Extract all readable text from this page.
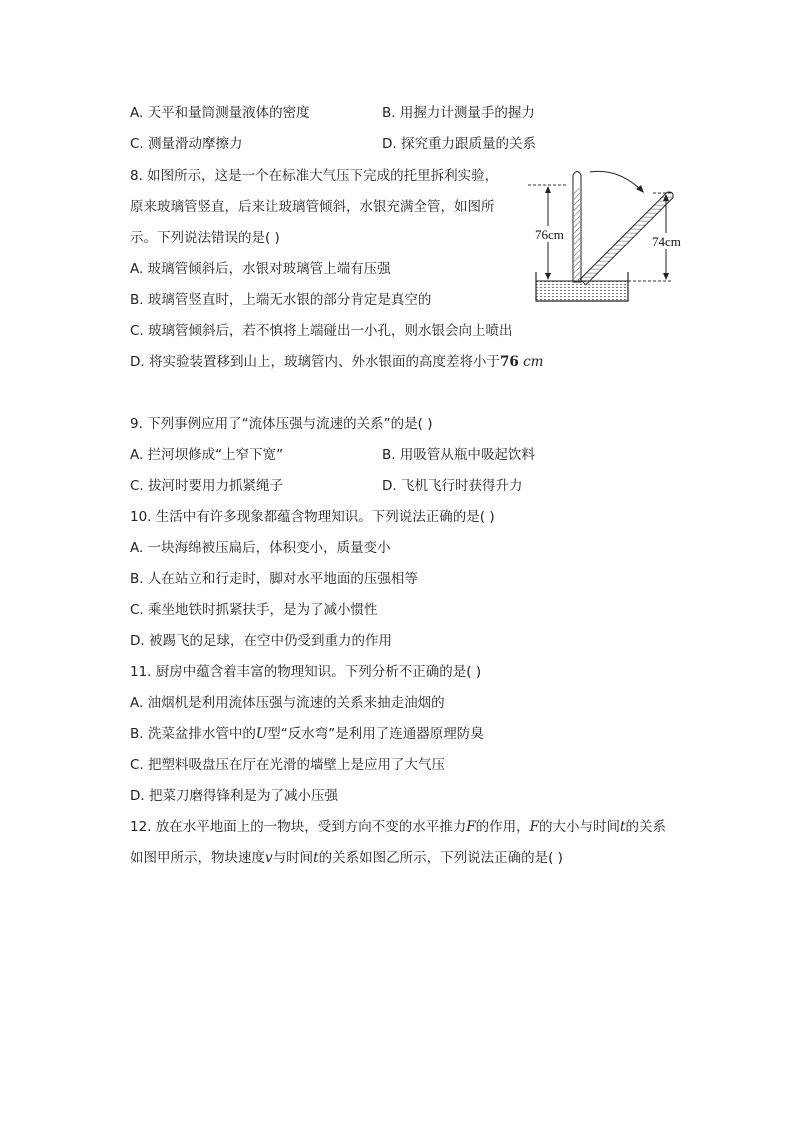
A. 天平和量筒测量液体的密度	B. 用握力计测量手的握力
C. 测量滑动摩擦力	D. 探究重力跟质量的关系
8. 如图所示，这是一个在标准大气压下完成的托里拆利实验，
原来玻璃管竖直，后来让玻璃管倾斜，水银充满全管，如图所
示。下列说法错误的是( )
A. 玻璃管倾斜后，水银对玻璃管上端有压强
B. 玻璃管竖直时，上端无水银的部分肯定是真空的
C. 玻璃管倾斜后，若不慎将上端碰出一小孔，则水银会向上喷出
D. 将实验装置移到山上，玻璃管内、外水银面的高度差将小于76 cm
76cm	74cm
9. 下列事例应用了“流体压强与流速的关系”的是( )
A. 拦河坝修成“上窄下宽”	B. 用吸管从瓶中吸起饮料
C. 拔河时要用力抓紧绳子	D. 飞机飞行时获得升力
10. 生活中有许多现象都蕴含物理知识。下列说法正确的是( )
A. 一块海绵被压扁后，体积变小，质量变小
B. 人在站立和行走时，脚对水平地面的压强相等
C. 乘坐地铁时抓紧扶手，是为了减小惯性
D. 被踢飞的足球，在空中仍受到重力的作用
11. 厨房中蕴含着丰富的物理知识。下列分析不正确的是( )
A. 油烟机是利用流体压强与流速的关系来抽走油烟的
B. 洗菜盆排水管中的U型“反水弯”是利用了连通器原理防臭
C. 把塑料吸盘压在厅在光滑的墙壁上是应用了大气压
D. 把菜刀磨得锋利是为了减小压强
12. 放在水平地面上的一物块，受到方向不变的水平推力F的作用，F的大小与时间t的关系
如图甲所示，物块速度v与时间t的关系如图乙所示，下列说法正确的是( )
